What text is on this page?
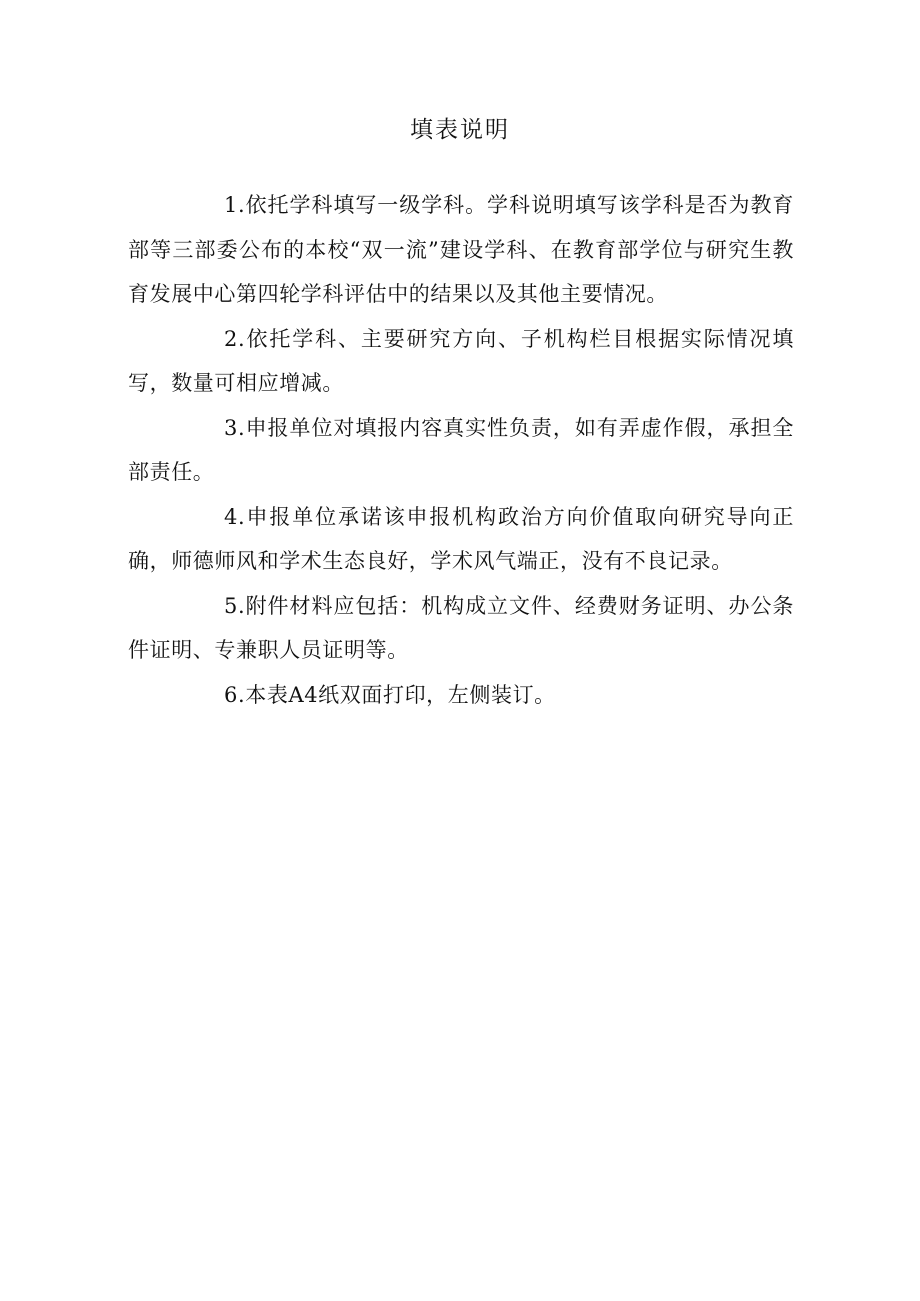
填表说明

1.依托学科填写一级学科。学科说明填写该学科是否为教育部等三部委公布的本校“双一流”建设学科、在教育部学位与研究生教育发展中心第四轮学科评估中的结果以及其他主要情况。

2.依托学科、主要研究方向、子机构栏目根据实际情况填写，数量可相应增减。

3.申报单位对填报内容真实性负责，如有弄虚作假，承担全部责任。

4.申报单位承诺该申报机构政治方向价值取向研究导向正确，师德师风和学术生态良好，学术风气端正，没有不良记录。

5.附件材料应包括：机构成立文件、经费财务证明、办公条件证明、专兼职人员证明等。

6.本表A4纸双面打印，左侧装订。
